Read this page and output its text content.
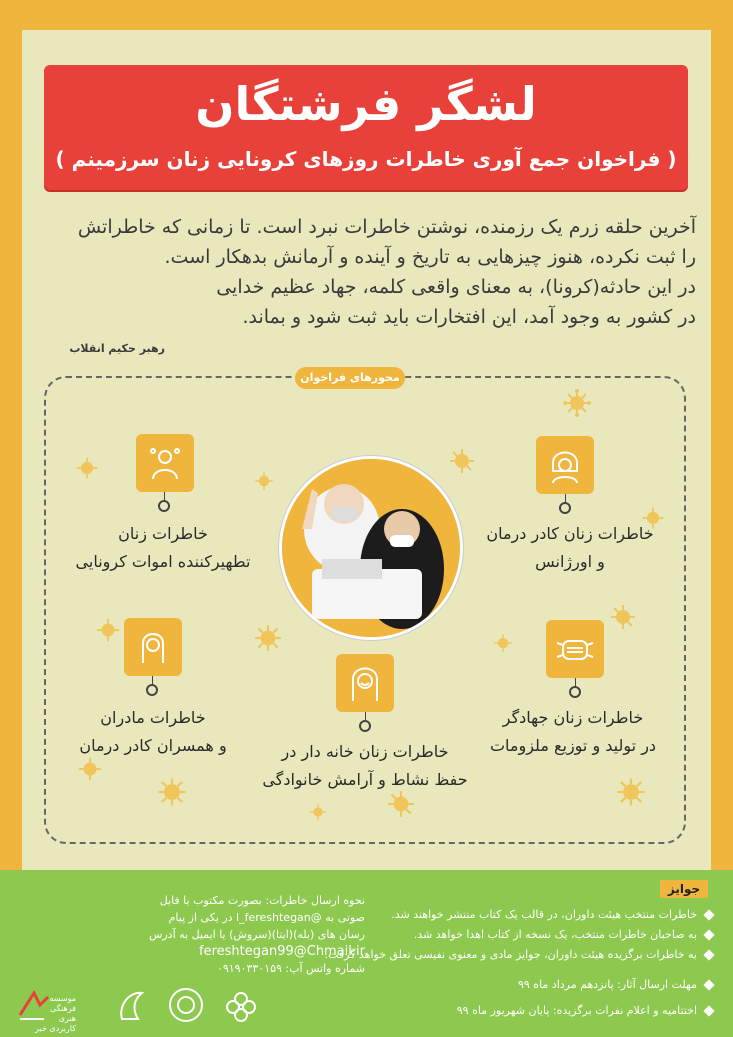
لشگر فرشتگان
( فراخوان جمع آوری خاطرات روزهای کرونایی زنان سرزمینم )

آخرین حلقه زرم یک رزمنده، نوشتن خاطرات نبرد است. تا زمانی که خاطراتش

را ثبت نکرده، هنوز چیزهایی به تاریخ و آینده و آرمانش بدهکار است.

در این حادثه(کرونا)، به معنای واقعی کلمه، جهاد عظیم خدایی

در کشور به وجود آمد، این افتخارات باید ثبت شود و بماند.

رهبر حکیم انقلاب
محورهای فراخوان
خاطرات زنان
تطهیرکننده اموات کرونایی
خاطرات زنان کادر درمان
و اورژانس
خاطرات مادران
و همسران کادر درمان	خاطرات زنان خانه دار در
حفظ نشاط و آرامش خانوادگی
خاطرات زنان جهادگر
در تولید و توزیع ملزومات
نحوه ارسال خاطرات: بصورت مکتوب یا فایل
صوتی به @l_fereshtegan در یکی از پیام
رسان های (بله)(ایتا)(سروش) یا ایمیل به آدرس
fereshtegan99@Chmail.ir
شماره واتس آپ: ۰۹۱۹۰۳۳۰۱۵۹
جوایز
خاطرات منتخب هیئت داوران، در قالب یک کتاب منتشر خواهند شد.
به صاحبان خاطرات منتخب، یک نسخه از کتاب اهدا خواهد شد.
به خاطرات برگزیده هیئت داوران، جوایز مادی و معنوی نفیسی تعلق خواهد گرفت.
مهلت ارسال آثار: پانزدهم مرداد ماه ۹۹
اختتامیه و اعلام نفرات برگزیده: پایان شهریور ماه ۹۹
موسسه فرهنگی هنری کاربردی خبر
